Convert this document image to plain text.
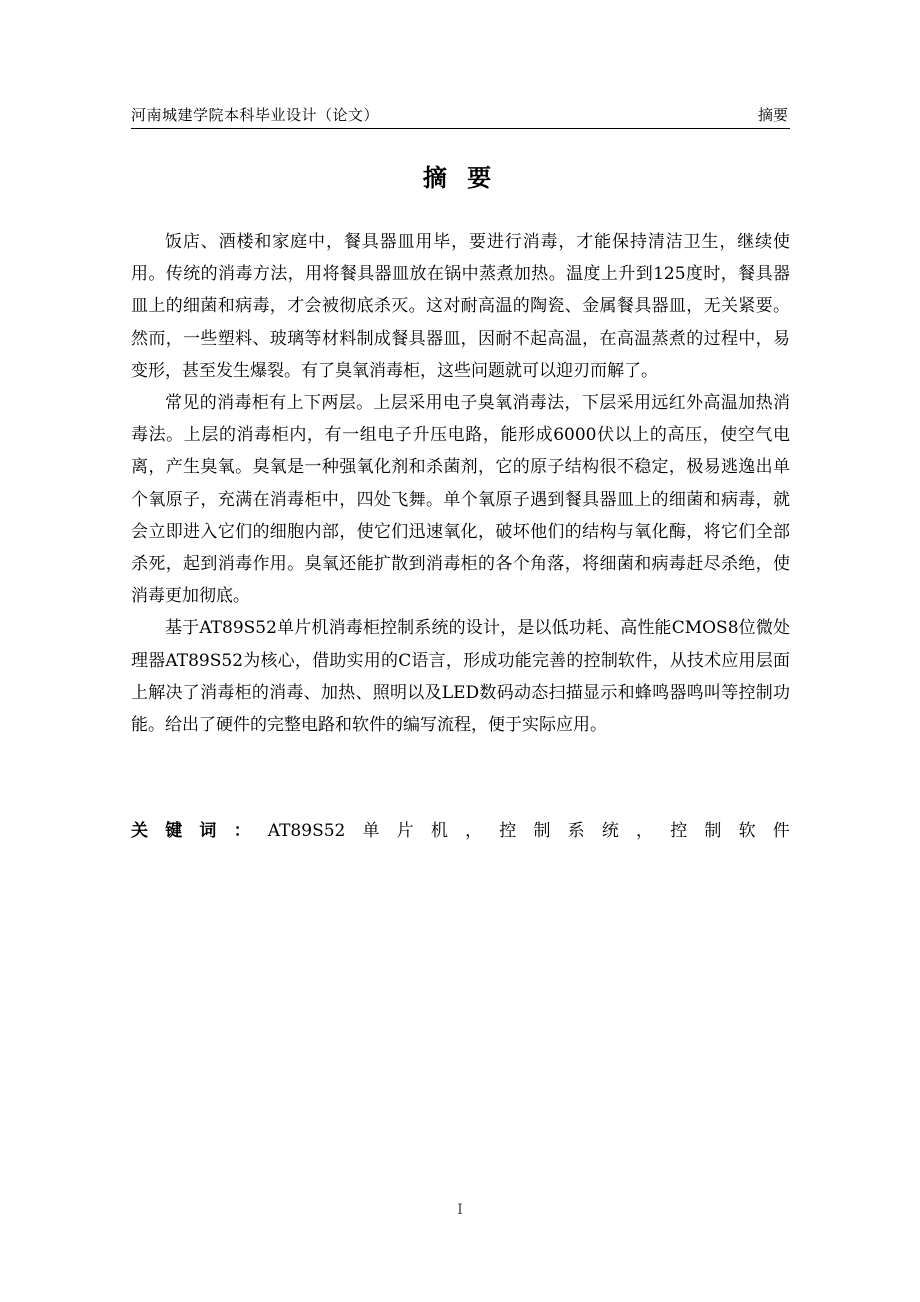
河南城建学院本科毕业设计（论文）	摘要
摘 要

饭店、酒楼和家庭中，餐具器皿用毕，要进行消毒，才能保持清洁卫生，继续使用。传统的消毒方法，用将餐具器皿放在锅中蒸煮加热。温度上升到125度时，餐具器皿上的细菌和病毒，才会被彻底杀灭。这对耐高温的陶瓷、金属餐具器皿，无关紧要。然而，一些塑料、玻璃等材料制成餐具器皿，因耐不起高温，在高温蒸煮的过程中，易变形，甚至发生爆裂。有了臭氧消毒柜，这些问题就可以迎刃而解了。

常见的消毒柜有上下两层。上层采用电子臭氧消毒法，下层采用远红外高温加热消毒法。上层的消毒柜内，有一组电子升压电路，能形成6000伏以上的高压，使空气电离，产生臭氧。臭氧是一种强氧化剂和杀菌剂，它的原子结构很不稳定，极易逃逸出单个氧原子，充满在消毒柜中，四处飞舞。单个氧原子遇到餐具器皿上的细菌和病毒，就会立即进入它们的细胞内部，使它们迅速氧化，破坏他们的结构与氧化酶，将它们全部杀死，起到消毒作用。臭氧还能扩散到消毒柜的各个角落，将细菌和病毒赶尽杀绝，使消毒更加彻底。

基于AT89S52单片机消毒柜控制系统的设计，是以低功耗、高性能CMOS8位微处理器AT89S52为核心，借助实用的C语言，形成功能完善的控制软件，从技术应用层面上解决了消毒柜的消毒、加热、照明以及LED数码动态扫描显示和蜂鸣器鸣叫等控制功能。给出了硬件的完整电路和软件的编写流程，便于实际应用。

关 键 词 ： AT89S52 单 片 机 ， 控 制 系 统 ， 控 制 软 件
I
